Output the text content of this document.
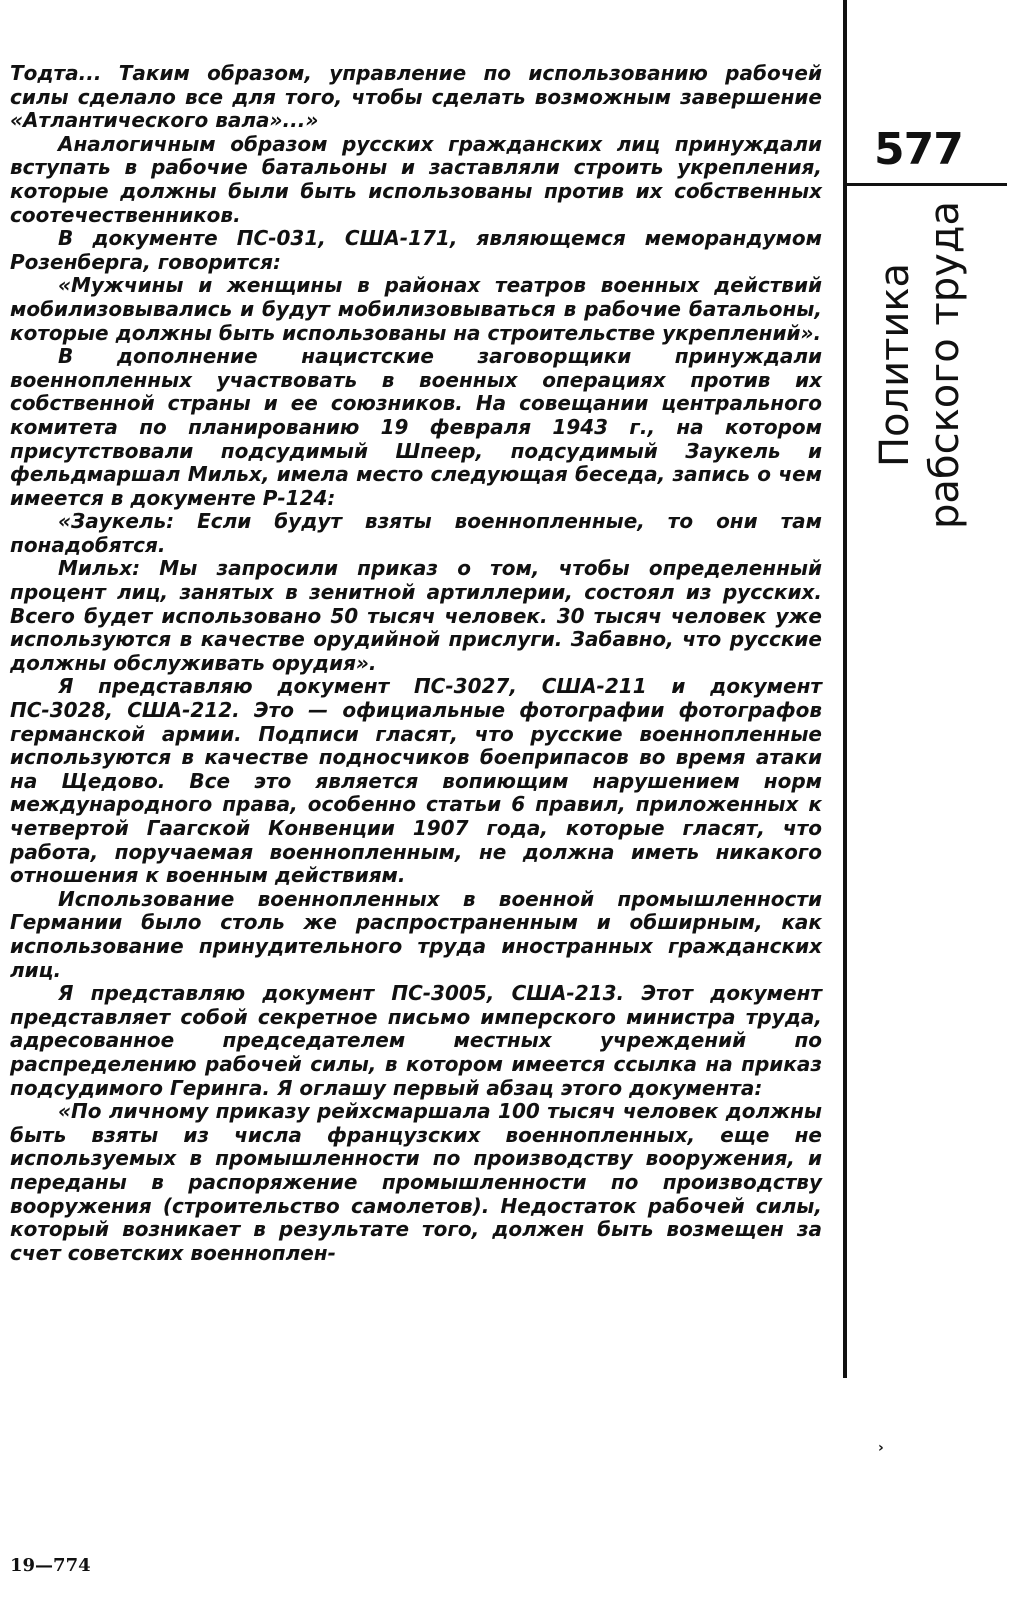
Тодта... Таким образом, управление по использованию рабочей силы сделало все для того, чтобы сделать возможным завершение «Атлантического вала»...»

Аналогичным образом русских гражданских лиц принуждали вступать в рабочие батальоны и заставляли строить укрепления, которые должны были быть использованы против их собственных соотечественников.

В документе ПС-031, США-171, являющемся меморандумом Розенберга, говорится:

«Мужчины и женщины в районах театров военных действий мобилизовывались и будут мобилизовываться в рабочие батальоны, которые должны быть использованы на строительстве укреплений».

В дополнение нацистские заговорщики принуждали военнопленных участвовать в военных операциях против их собственной страны и ее союзников. На совещании центрального комитета по планированию 19 февраля 1943 г., на котором присутствовали подсудимый Шпеер, подсудимый Заукель и фельдмаршал Мильх, имела место следующая беседа, запись о чем имеется в документе Р-124:

«Заукель: Если будут взяты военнопленные, то они там понадобятся.

Мильх: Мы запросили приказ о том, чтобы определенный процент лиц, занятых в зенитной артиллерии, состоял из русских. Всего будет использовано 50 тысяч человек. 30 тысяч человек уже используются в качестве орудийной прислуги. Забавно, что русские должны обслуживать орудия».

Я представляю документ ПС-3027, США-211 и документ ПС-3028, США-212. Это — официальные фотографии фотографов германской армии. Подписи гласят, что русские военнопленные используются в качестве подносчиков боеприпасов во время атаки на Щедово. Все это является вопиющим нарушением норм международного права, особенно статьи 6 правил, приложенных к четвертой Гаагской Конвенции 1907 года, которые гласят, что работа, поручаемая военнопленным, не должна иметь никакого отношения к военным действиям.

Использование военнопленных в военной промышленности Германии было столь же распространенным и обширным, как использование принудительного труда иностранных гражданских лиц.

Я представляю документ ПС-3005, США-213. Этот документ представляет собой секретное письмо имперского министра труда, адресованное председателем местных учреждений по распределению рабочей силы, в котором имеется ссылка на приказ подсудимого Геринга. Я оглашу первый абзац этого документа:

«По личному приказу рейхсмаршала 100 тысяч человек должны быть взяты из числа французских военнопленных, еще не используемых в промышленности по производству вооружения, и переданы в распоряжение промышленности по производству вооружения (строительство самолетов). Недостаток рабочей силы, который возникает в результате того, должен быть возмещен за счет советских военноплен-

577
Политика рабского труда
›
19—774
